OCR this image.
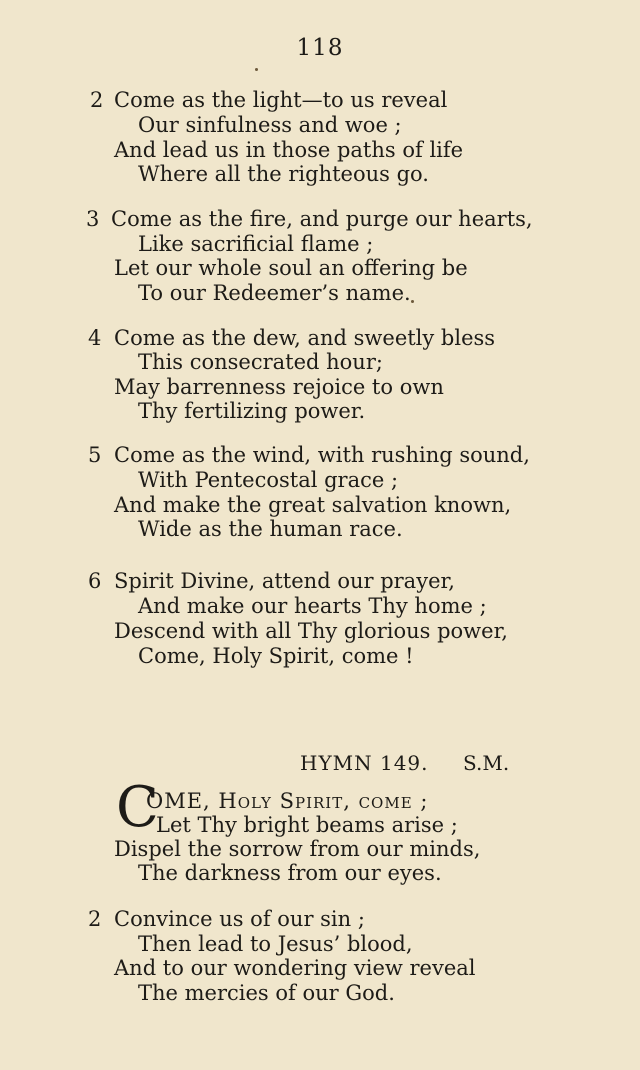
118
2 Come as the light—to us reveal
Our sinfulness and woe ;
And lead us in those paths of life
Where all the righteous go.
3 Come as the fire, and purge our hearts,
Like sacrificial flame ;
Let our whole soul an offering be
To our Redeemer’s name.
4 Come as the dew, and sweetly bless
This consecrated hour;
May barrenness rejoice to own
Thy fertilizing power.
5 Come as the wind, with rushing sound,
With Pentecostal grace ;
And make the great salvation known,
Wide as the human race.
6 Spirit Divine, attend our prayer,
And make our hearts Thy home ;
Descend with all Thy glorious power,
Come, Holy Spirit, come !
HYMN 149. S.M.
C
OME, Holy Spirit, come ;
Let Thy bright beams arise ;
Dispel the sorrow from our minds,
The darkness from our eyes.
2 Convince us of our sin ;
Then lead to Jesus’ blood,
And to our wondering view reveal
The mercies of our God.
